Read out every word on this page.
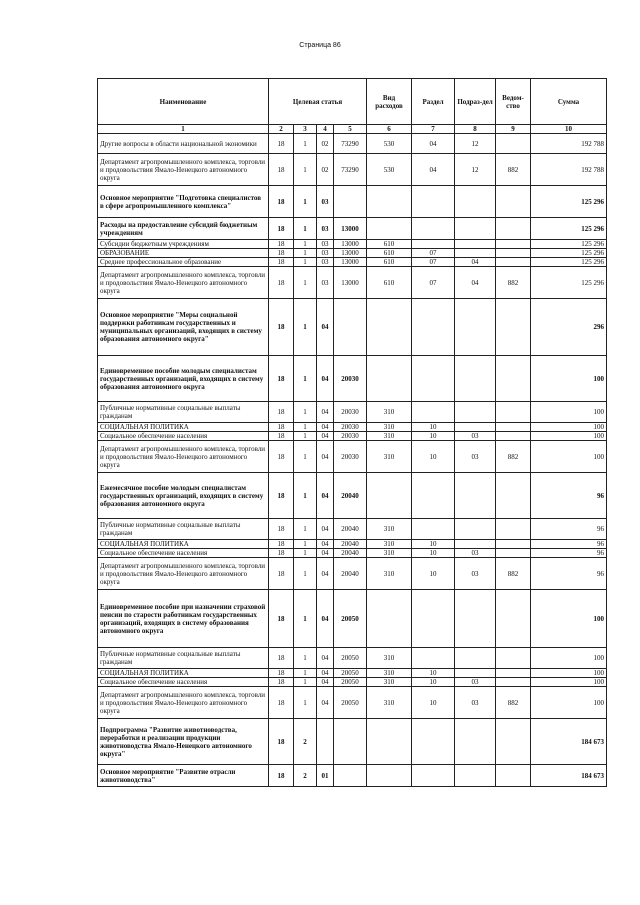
Страница 86
Наименование	Целевая статья				Вид расходов	Раздел	Подраз-дел	Ведом-ство	Сумма
1	2	3	4	5	6	7	8	9	10
Другие вопросы в области национальной экономики	18	1	02	73290	530	04	12		192 788
Департамент агропромышленного комплекса, торговли и продовольствия Ямало-Ненецкого автономного округа	18	1	02	73290	530	04	12	882	192 788
Основное мероприятие "Подготовка специалистов в сфере агропромышленного комплекса"	18	1	03						125 296
Расходы на предоставление субсидий бюджетным учреждениям	18	1	03	13000					125 296
Субсидии бюджетным учреждениям	18	1	03	13000	610				125 296
ОБРАЗОВАНИЕ	18	1	03	13000	610	07			125 296
Среднее профессиональное образование	18	1	03	13000	610	07	04		125 296
Департамент агропромышленного комплекса, торговли и продовольствия Ямало-Ненецкого автономного округа	18	1	03	13000	610	07	04	882	125 296
Основное мероприятие "Меры социальной поддержки работникам государственных и муниципальных организаций, входящих в систему образования автономного округа"	18	1	04						296
Единовременное пособие молодым специалистам государственных организаций, входящих в систему образования автономного округа	18	1	04	20030					100
Публичные нормативные социальные выплаты гражданам	18	1	04	20030	310				100
СОЦИАЛЬНАЯ ПОЛИТИКА	18	1	04	20030	310	10			100
Социальное обеспечение населения	18	1	04	20030	310	10	03		100
Департамент агропромышленного комплекса, торговли и продовольствия Ямало-Ненецкого автономного округа	18	1	04	20030	310	10	03	882	100
Ежемесячное пособие молодым специалистам государственных организаций, входящих в систему образования автономного округа	18	1	04	20040					96
Публичные нормативные социальные выплаты гражданам	18	1	04	20040	310				96
СОЦИАЛЬНАЯ ПОЛИТИКА	18	1	04	20040	310	10			96
Социальное обеспечение населения	18	1	04	20040	310	10	03		96
Департамент агропромышленного комплекса, торговли и продовольствия Ямало-Ненецкого автономного округа	18	1	04	20040	310	10	03	882	96
Единовременное пособие при назначении страховой пенсии по старости работникам государственных организаций, входящих в систему образования автономного округа	18	1	04	20050					100
Публичные нормативные социальные выплаты гражданам	18	1	04	20050	310				100
СОЦИАЛЬНАЯ ПОЛИТИКА	18	1	04	20050	310	10			100
Социальное обеспечение населения	18	1	04	20050	310	10	03		100
Департамент агропромышленного комплекса, торговли и продовольствия Ямало-Ненецкого автономного округа	18	1	04	20050	310	10	03	882	100
Подпрограмма "Развитие животноводства, переработки и реализации продукции животноводства Ямало-Ненецкого автономного округа"	18	2							184 673
Основное мероприятие "Развитие отрасли животноводства"	18	2	01						184 673
